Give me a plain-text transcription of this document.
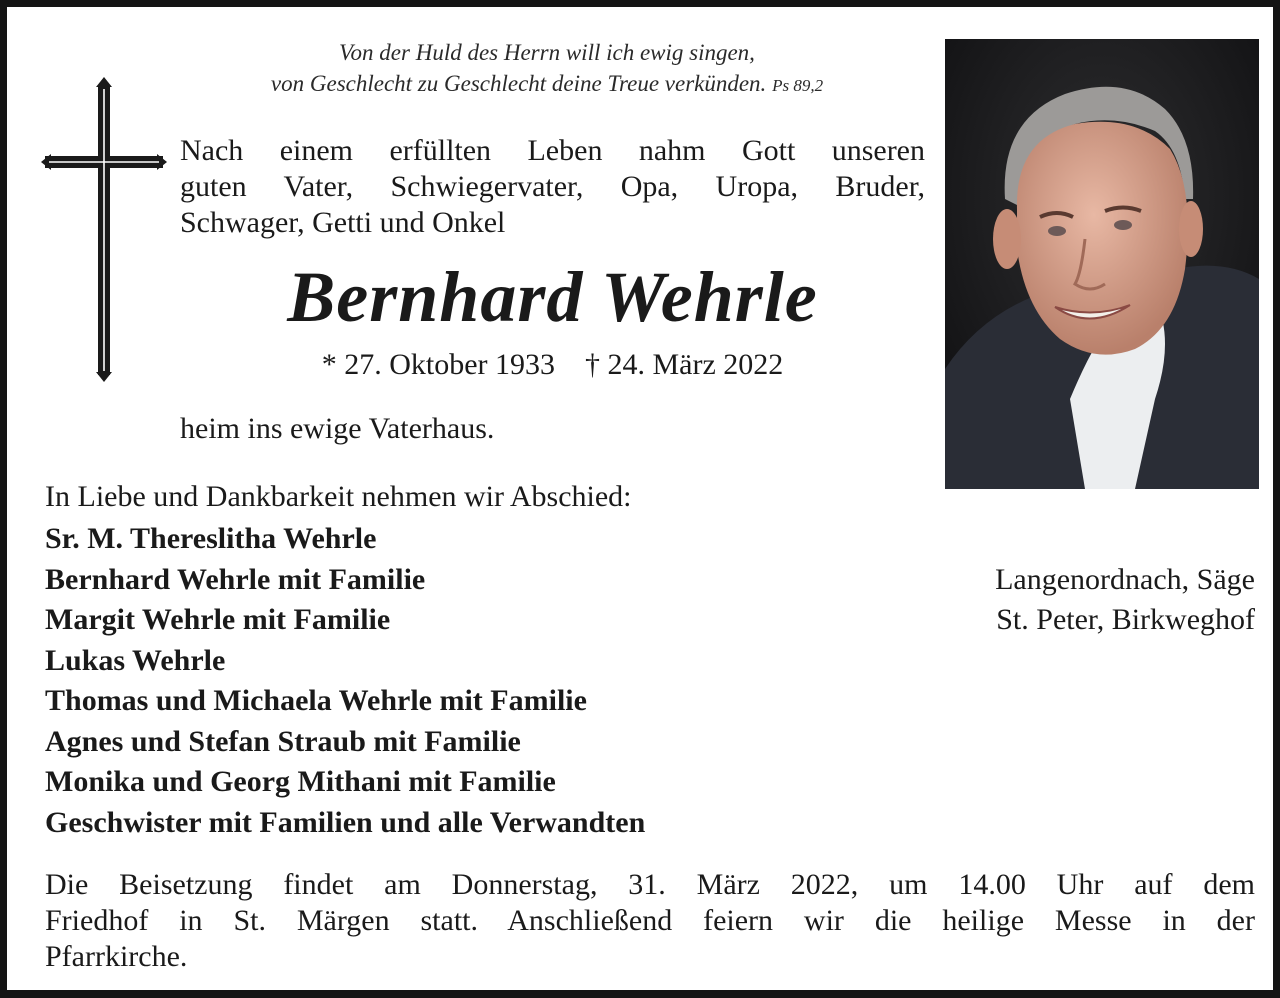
Von der Huld des Herrn will ich ewig singen,
von Geschlecht zu Geschlecht deine Treue verkünden. Ps 89,2
Nach einem erfüllten Leben nahm Gott unseren
guten Vater, Schwiegervater, Opa, Uropa, Bruder,
Schwager, Getti und Onkel
Bernhard Wehrle
* 27. Oktober 1933 † 24. März 2022
heim ins ewige Vaterhaus.
In Liebe und Dankbarkeit nehmen wir Abschied:
Sr. M. Thereslitha Wehrle
Bernhard Wehrle mit Familie	Langenordnach, Säge
Margit Wehrle mit Familie	St. Peter, Birkweghof
Lukas Wehrle
Thomas und Michaela Wehrle mit Familie
Agnes und Stefan Straub mit Familie
Monika und Georg Mithani mit Familie
Geschwister mit Familien und alle Verwandten
Die Beisetzung findet am Donnerstag, 31. März 2022, um 14.00 Uhr auf dem
Friedhof in St. Märgen statt. Anschließend feiern wir die heilige Messe in der
Pfarrkirche.
